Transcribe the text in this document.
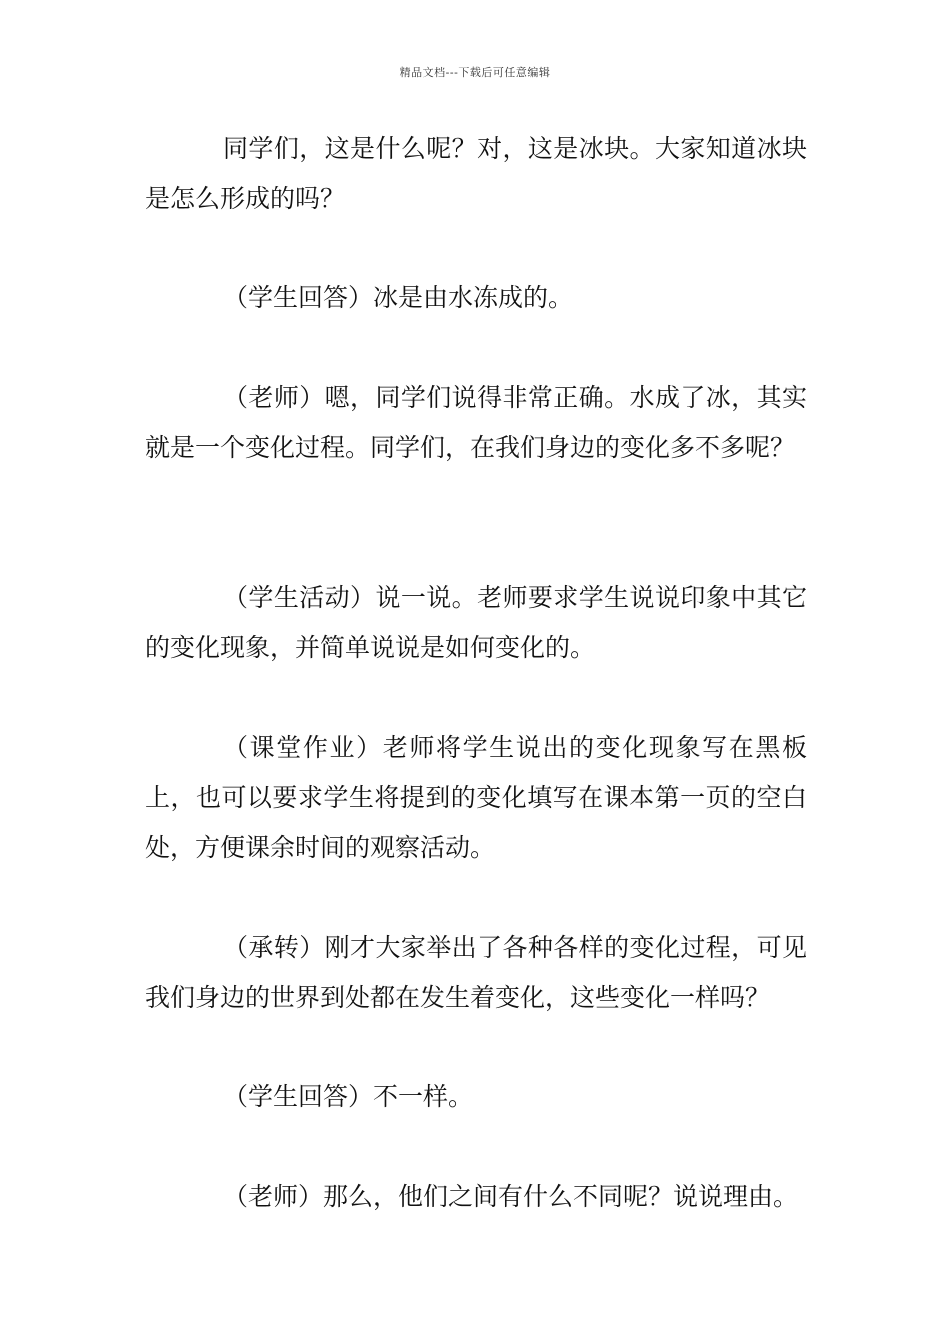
精品文档---下载后可任意编辑

同学们，这是什么呢？对，这是冰块。大家知道冰块是怎么形成的吗？

（学生回答）冰是由水冻成的。

（老师）嗯，同学们说得非常正确。水成了冰，其实就是一个变化过程。同学们，在我们身边的变化多不多呢？

（学生活动）说一说。老师要求学生说说印象中其它的变化现象，并简单说说是如何变化的。

（课堂作业）老师将学生说出的变化现象写在黑板上，也可以要求学生将提到的变化填写在课本第一页的空白处，方便课余时间的观察活动。

（承转）刚才大家举出了各种各样的变化过程，可见我们身边的世界到处都在发生着变化，这些变化一样吗？

（学生回答）不一样。

（老师）那么，他们之间有什么不同呢？说说理由。
